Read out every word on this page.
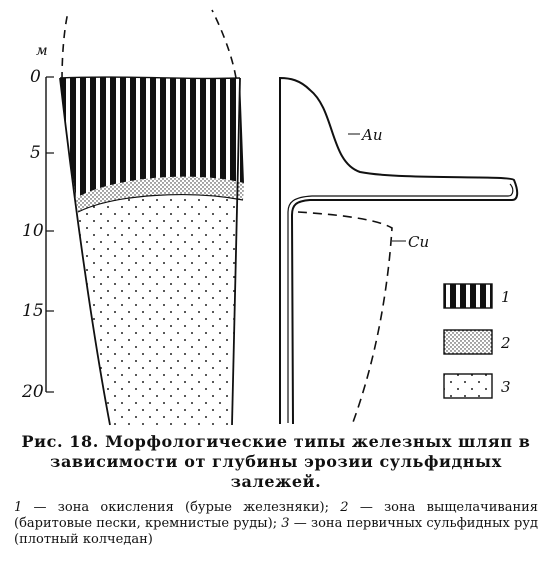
м
0
5
10
15
20
Au
Cu
1
2
3

Рис. 18. Морфологические типы железных шляп в зависимости от глубины эрозии сульфидных залежей.

1 — зона окисления (бурые железняки); 2 — зона выщелачивания (баритовые пески, кремнистые руды); 3 — зона первичных сульфидных руд (плотный колчедан)
